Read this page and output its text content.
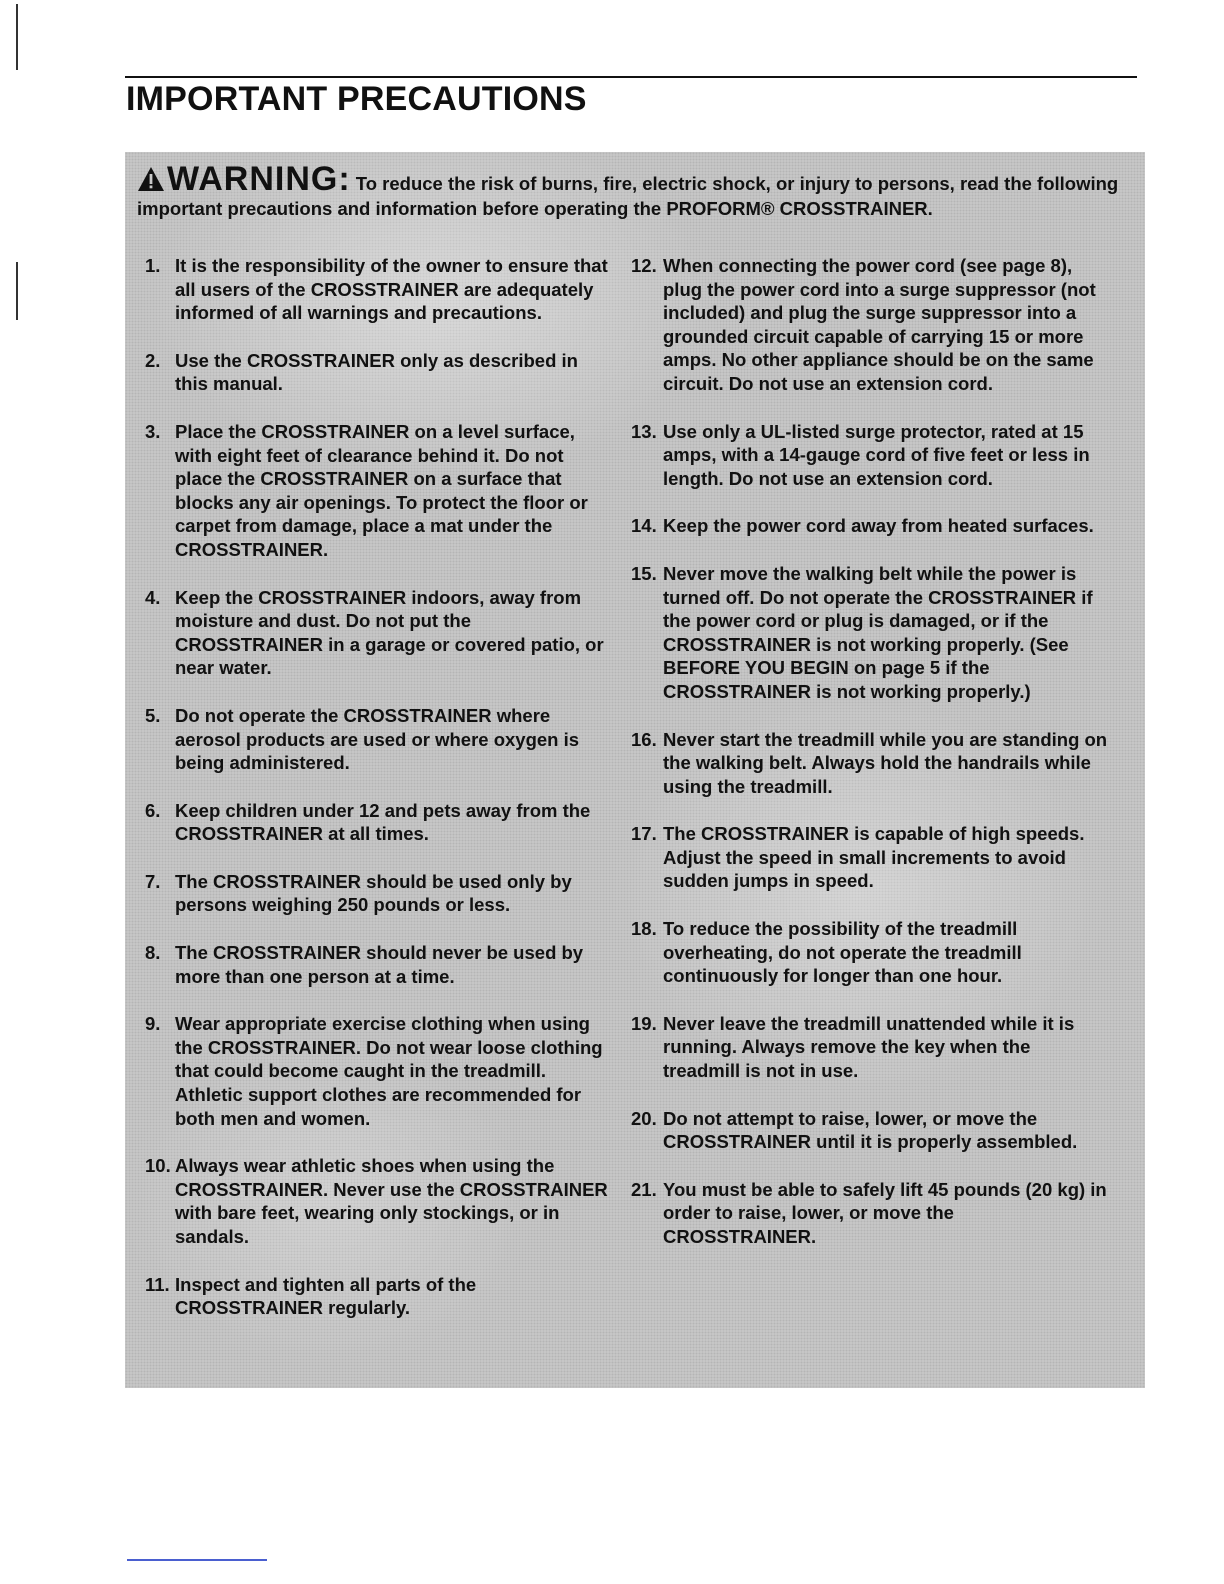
IMPORTANT PRECAUTIONS

WARNING: To reduce the risk of burns, fire, electric shock, or injury to persons, read the following important precautions and information before operating the PROFORM® CROSSTRAINER.

1. It is the responsibility of the owner to ensure that all users of the CROSSTRAINER are adequately informed of all warnings and precautions.
2. Use the CROSSTRAINER only as described in this manual.
3. Place the CROSSTRAINER on a level surface, with eight feet of clearance behind it. Do not place the CROSSTRAINER on a surface that blocks any air openings. To protect the floor or carpet from damage, place a mat under the CROSSTRAINER.
4. Keep the CROSSTRAINER indoors, away from moisture and dust. Do not put the CROSSTRAINER in a garage or covered patio, or near water.
5. Do not operate the CROSSTRAINER where aerosol products are used or where oxygen is being administered.
6. Keep children under 12 and pets away from the CROSSTRAINER at all times.
7. The CROSSTRAINER should be used only by persons weighing 250 pounds or less.
8. The CROSSTRAINER should never be used by more than one person at a time.
9. Wear appropriate exercise clothing when using the CROSSTRAINER. Do not wear loose clothing that could become caught in the treadmill. Athletic support clothes are recommended for both men and women.
10. Always wear athletic shoes when using the CROSSTRAINER. Never use the CROSSTRAINER with bare feet, wearing only stockings, or in sandals.
11. Inspect and tighten all parts of the CROSSTRAINER regularly.
12. When connecting the power cord (see page 8), plug the power cord into a surge suppressor (not included) and plug the surge suppressor into a grounded circuit capable of carrying 15 or more amps. No other appliance should be on the same circuit. Do not use an extension cord.
13. Use only a UL-listed surge protector, rated at 15 amps, with a 14-gauge cord of five feet or less in length. Do not use an extension cord.
14. Keep the power cord away from heated surfaces.
15. Never move the walking belt while the power is turned off. Do not operate the CROSSTRAINER if the power cord or plug is damaged, or if the CROSSTRAINER is not working properly. (See BEFORE YOU BEGIN on page 5 if the CROSSTRAINER is not working properly.)
16. Never start the treadmill while you are standing on the walking belt. Always hold the handrails while using the treadmill.
17. The CROSSTRAINER is capable of high speeds. Adjust the speed in small increments to avoid sudden jumps in speed.
18. To reduce the possibility of the treadmill overheating, do not operate the treadmill continuously for longer than one hour.
19. Never leave the treadmill unattended while it is running. Always remove the key when the treadmill is not in use.
20. Do not attempt to raise, lower, or move the CROSSTRAINER until it is properly assembled.
21. You must be able to safely lift 45 pounds (20 kg) in order to raise, lower, or move the CROSSTRAINER.
